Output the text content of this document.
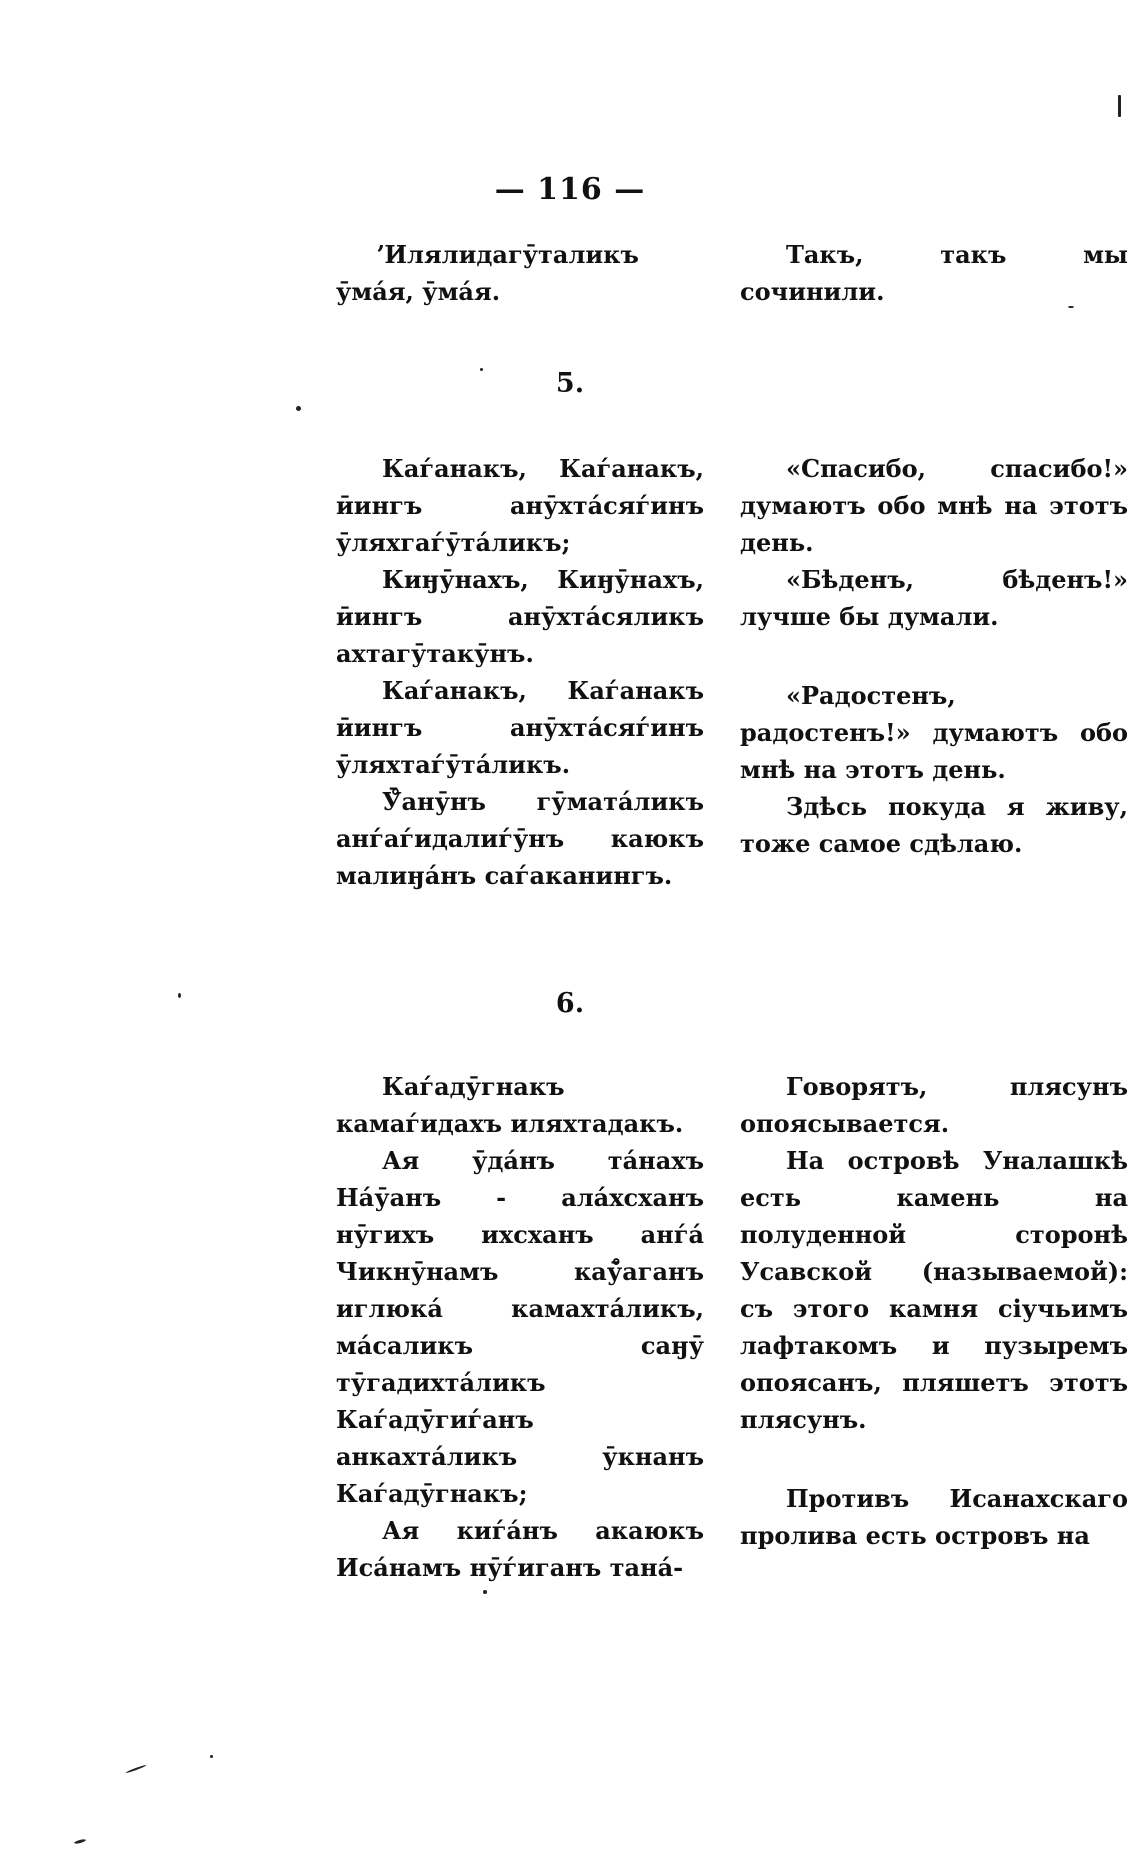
— 116 —

ʼИлялидагӯталикъ ӯмáя, ӯмáя.

Такъ, такъ мы сочинили.

5.

Каѓанакъ, Каѓанакъ, ӣингъ анӯхтáсяѓинъ ӯляхгаѓӯтáликъ;

Киӈӯнахъ, Киӈӯнахъ, ӣингъ анӯхтáсяликъ ахтагӯтакӯнъ.

Каѓанакъ, Каѓанакъ ӣингъ анӯхтáсяѓинъ ӯляхтаѓӯтáликъ.

Ӯ̊анӯнъ гӯматáликъ анѓаѓидалиѓӯнъ каюкъ малиӈáнъ саѓаканингъ.

«Спасибо, спасибо!» думаютъ обо мнѣ на этотъ день.

«Бѣденъ, бѣденъ!» лучше бы думали.

«Радостенъ, радостенъ!» думаютъ обо мнѣ на этотъ день.

Здѣсь покуда я живу, тоже самое сдѣлаю.

6.

Каѓадӯгнакъ камаѓидахъ иляхтадакъ.

Ая ӯдáнъ тáнахъ Нáӯанъ - алáхсханъ нӯгихъ ихсханъ анѓá Чикнӯнамъ каӯ̊аганъ иглюкá камахтáликъ, мáсаликъ саӈӯ тӯгадихтáликъ Каѓадӯгиѓанъ анкахтáликъ ӯкнанъ Каѓадӯгнакъ;

Ая киѓáнъ акаюкъ Исáнамъ нӯѓиганъ танá-

Говорятъ, плясунъ опоясывается.

На островѣ Уналашкѣ есть камень на полуденной сторонѣ Усавской (называемой): съ этого камня сiучьимъ лафтакомъ и пузыремъ опоясанъ, пляшетъ этотъ плясунъ.

Противъ Исанахскаго пролива есть островъ на
